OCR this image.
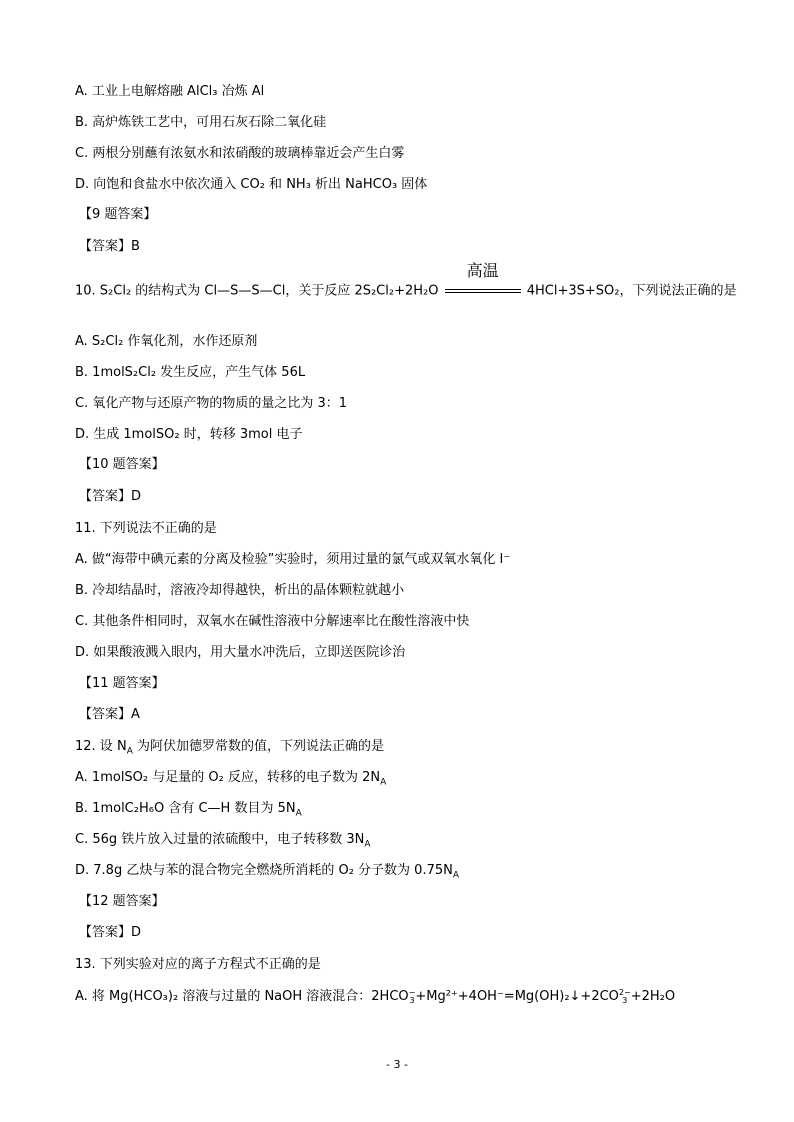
A. 工业上电解熔融 AlCl₃ 冶炼 Al
B. 高炉炼铁工艺中，可用石灰石除二氧化硅
C. 两根分别蘸有浓氨水和浓硝酸的玻璃棒靠近会产生白雾
D. 向饱和食盐水中依次通入 CO₂ 和 NH₃ 析出 NaHCO₃ 固体
【9 题答案】
【答案】B
10. S₂Cl₂ 的结构式为 Cl—S—S—Cl，关于反应 2S₂Cl₂+2H₂O
高温
4HCl+3S+SO₂，下列说法正确的是
A. S₂Cl₂ 作氧化剂，水作还原剂
B. 1molS₂Cl₂ 发生反应，产生气体 56L
C. 氧化产物与还原产物的物质的量之比为 3：1
D. 生成 1molSO₂ 时，转移 3mol 电子
【10 题答案】
【答案】D
11. 下列说法不正确的是
A. 做“海带中碘元素的分离及检验”实验时，须用过量的氯气或双氧水氧化 I⁻
B. 冷却结晶时，溶液冷却得越快，析出的晶体颗粒就越小
C. 其他条件相同时，双氧水在碱性溶液中分解速率比在酸性溶液中快
D. 如果酸液溅入眼内，用大量水冲洗后，立即送医院诊治
【11 题答案】
【答案】A
12. 设 $N_A$ 为阿伏加德罗常数的值，下列说法正确的是
A. 1molSO₂ 与足量的 O₂ 反应，转移的电子数为 $2N_A$
B. 1molC₂H₆O 含有 C—H 数目为 $5N_A$
C. 56g 铁片放入过量的浓硫酸中，电子转移数 $3N_A$
D. 7.8g 乙炔与苯的混合物完全燃烧所消耗的 O₂ 分子数为 $0.75N_A$
【12 题答案】
【答案】D
13. 下列实验对应的离子方程式不正确的是
A. 将 Mg(HCO₃)₂ 溶液与过量的 NaOH 溶液混合：2HCO−
3+Mg²⁺+4OH⁻=Mg(OH)₂↓+2CO2−
3 +2H₂O
- 3 -
